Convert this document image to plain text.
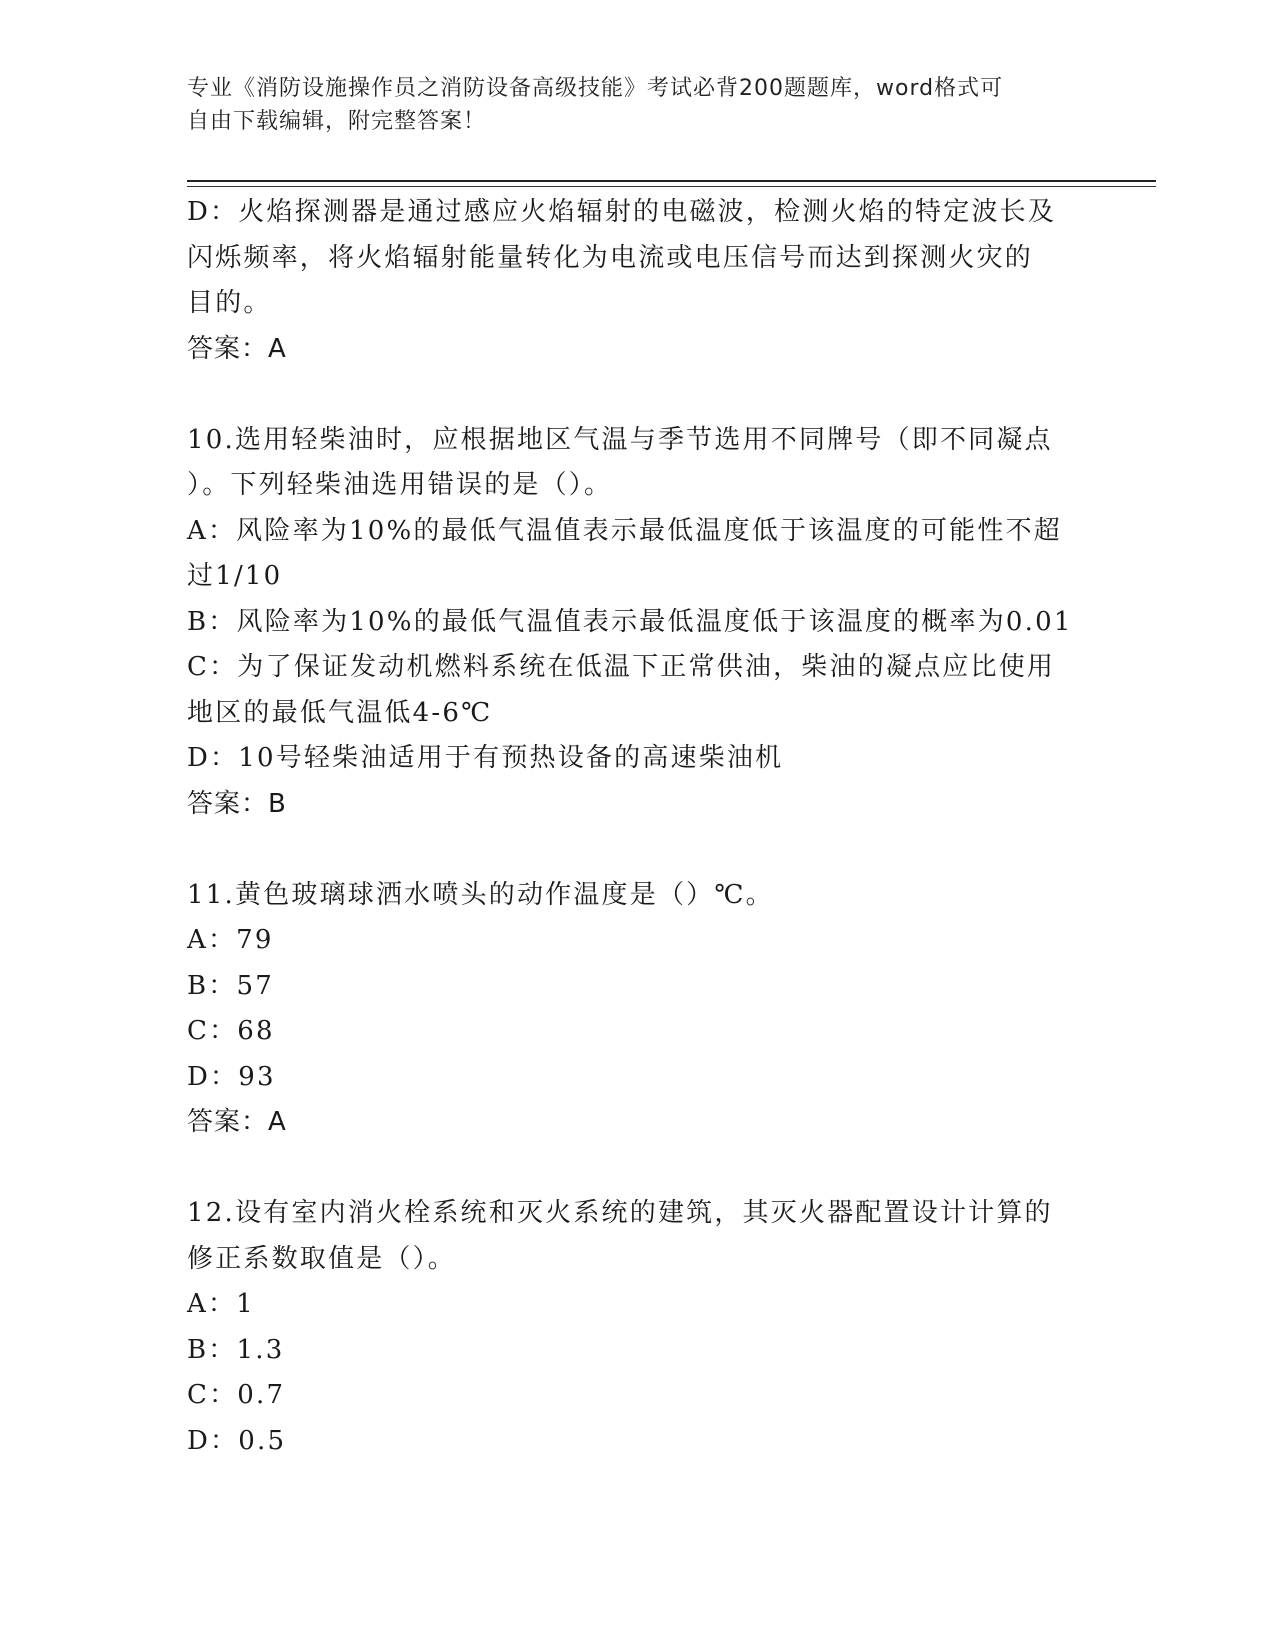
专业《消防设施操作员之消防设备高级技能》考试必背200题题库，word格式可
自由下载编辑，附完整答案！
D：火焰探测器是通过感应火焰辐射的电磁波，检测火焰的特定波长及
闪烁频率，将火焰辐射能量转化为电流或电压信号而达到探测火灾的
目的。
答案：A
10.选用轻柴油时，应根据地区气温与季节选用不同牌号（即不同凝点
）。下列轻柴油选用错误的是（）。
A：风险率为10%的最低气温值表示最低温度低于该温度的可能性不超
过1/10
B：风险率为10%的最低气温值表示最低温度低于该温度的概率为0.01
C：为了保证发动机燃料系统在低温下正常供油，柴油的凝点应比使用
地区的最低气温低4-6℃
D：10号轻柴油适用于有预热设备的高速柴油机
答案：B
11.黄色玻璃球洒水喷头的动作温度是（）℃。
A：79
B：57
C：68
D：93
答案：A
12.设有室内消火栓系统和灭火系统的建筑，其灭火器配置设计计算的
修正系数取值是（）。
A：1
B：1.3
C：0.7
D：0.5
